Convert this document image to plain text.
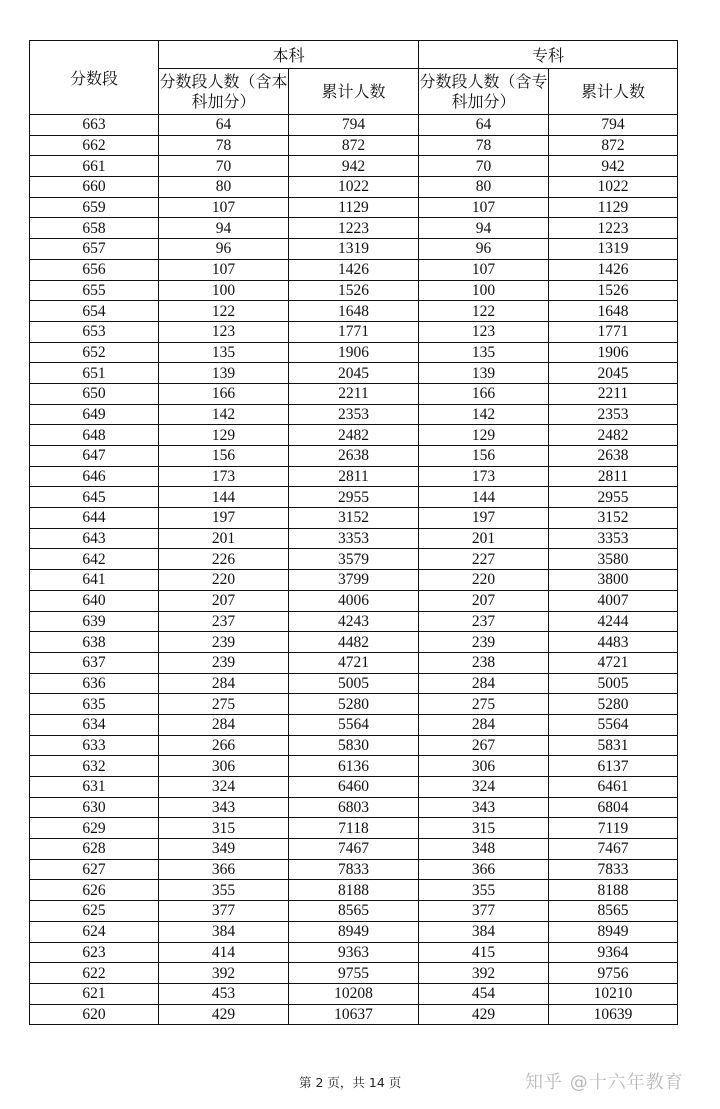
分数段	本科		专科	
	分数段人数（含本科加分）	累计人数	分数段人数（含专科加分）	累计人数
663	64	794	64	794
662	78	872	78	872
661	70	942	70	942
660	80	1022	80	1022
659	107	1129	107	1129
658	94	1223	94	1223
657	96	1319	96	1319
656	107	1426	107	1426
655	100	1526	100	1526
654	122	1648	122	1648
653	123	1771	123	1771
652	135	1906	135	1906
651	139	2045	139	2045
650	166	2211	166	2211
649	142	2353	142	2353
648	129	2482	129	2482
647	156	2638	156	2638
646	173	2811	173	2811
645	144	2955	144	2955
644	197	3152	197	3152
643	201	3353	201	3353
642	226	3579	227	3580
641	220	3799	220	3800
640	207	4006	207	4007
639	237	4243	237	4244
638	239	4482	239	4483
637	239	4721	238	4721
636	284	5005	284	5005
635	275	5280	275	5280
634	284	5564	284	5564
633	266	5830	267	5831
632	306	6136	306	6137
631	324	6460	324	6461
630	343	6803	343	6804
629	315	7118	315	7119
628	349	7467	348	7467
627	366	7833	366	7833
626	355	8188	355	8188
625	377	8565	377	8565
624	384	8949	384	8949
623	414	9363	415	9364
622	392	9755	392	9756
621	453	10208	454	10210
620	429	10637	429	10639
第 2 页，共 14 页	知乎 @十六年教育
